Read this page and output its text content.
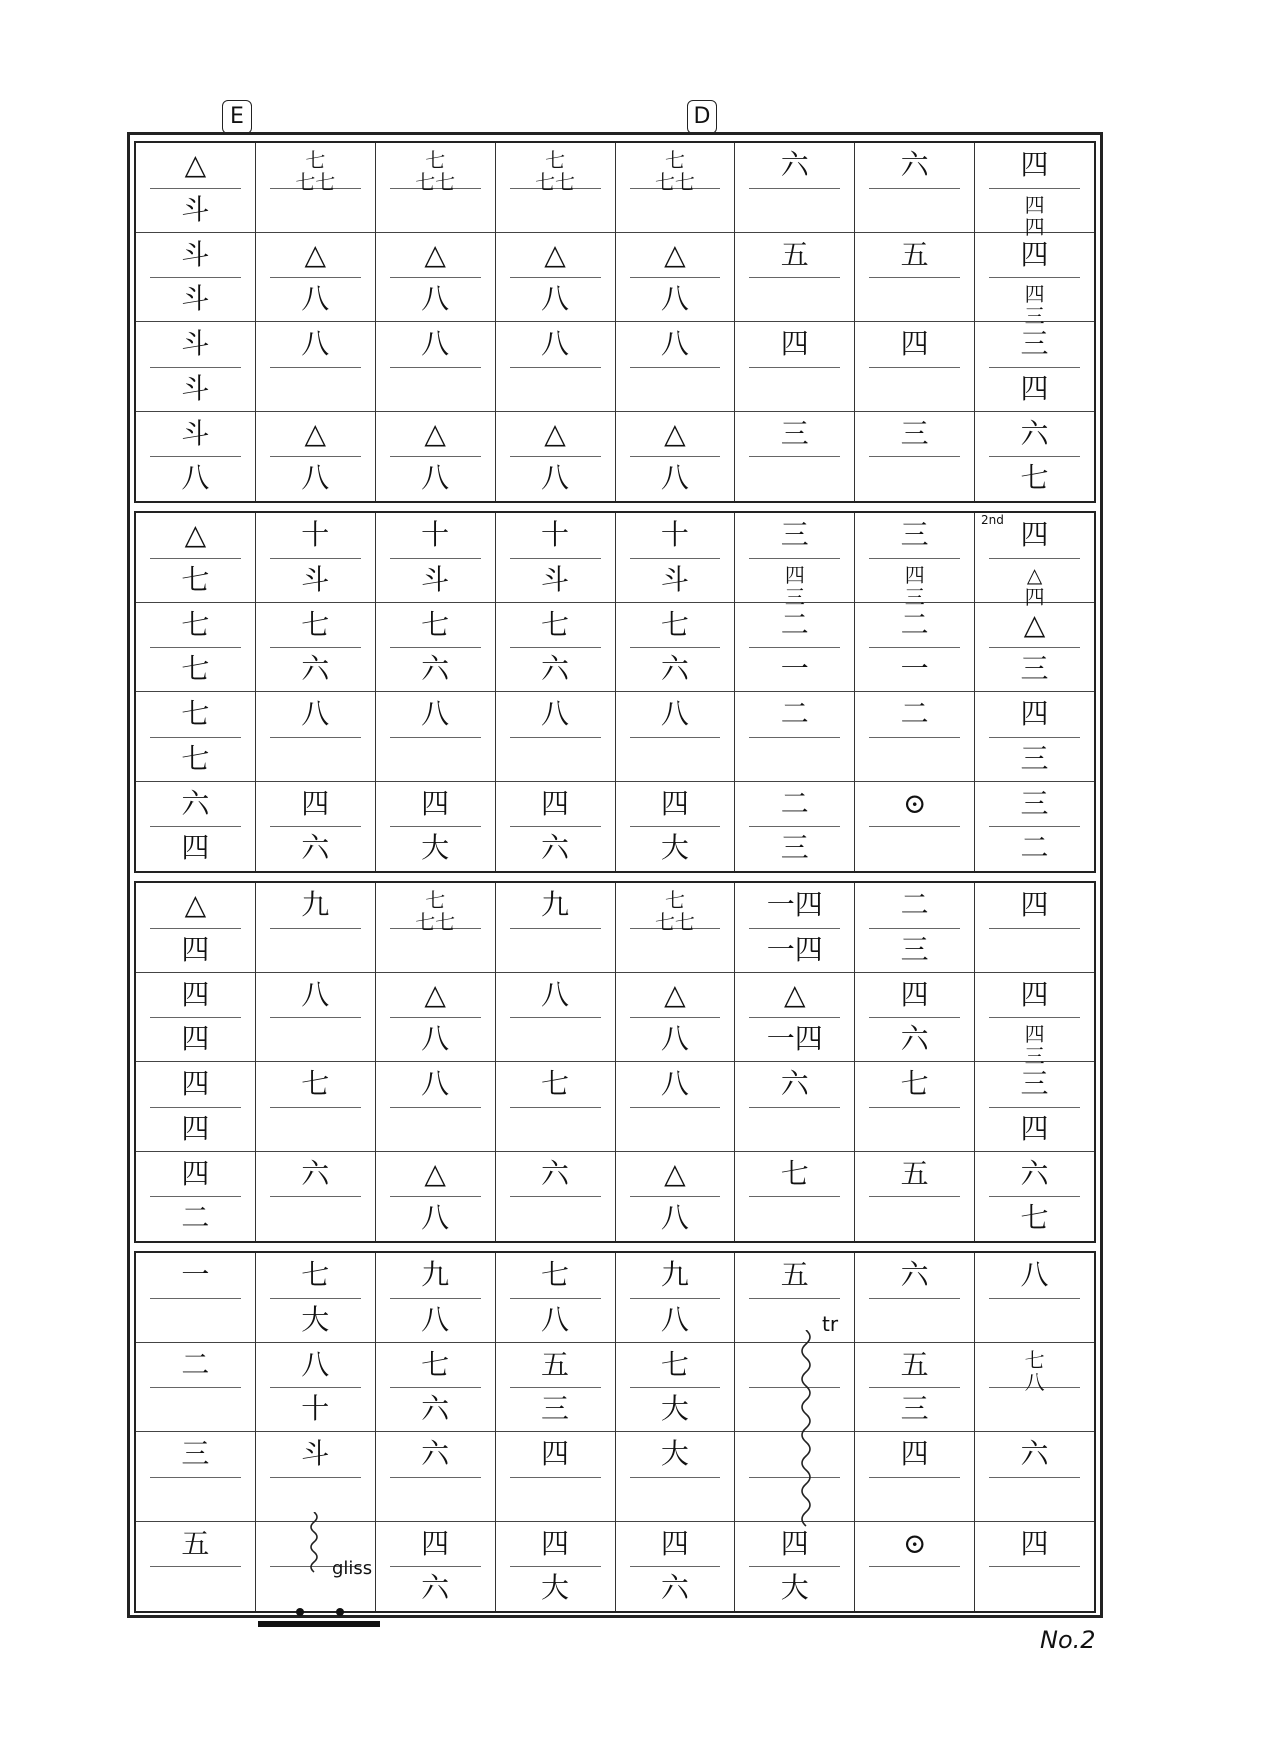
E	D
△
斗
斗
斗
斗
斗
斗
八
七
七七
△
八
八
△
八
七
七七
△
八
八
△
八
七
七七
△
八
八
△
八
七
七七
△
八
八
△
八
六
五
四
三
六
五
四
三
四
四
四
四
四
三
三
四
六
七
△
七
七
七
七
七
六
四
十
斗
七
六
八
四
六
十
斗
七
六
八
四
大
十
斗
七
六
八
四
六
十
斗
七
六
八
四
大
三
四
三
二
一
二
二
三
三
四
三
二
一
二
⊙
四
△
四
△
三
四
三
三
二
△
四
四
四
四
四
四
二
九
八
七
六
七
七七
△
八
八
△
八
九
八
七
六
七
七七
△
八
八
△
八
一四
一四
△
一四
六
七
二
三
四
六
七
五
四
四
四
三
三
四
六
七
一
二
三
五
七
大
八
十
斗
九
八
七
六
六
四
六
七
八
五
三
四
四
大
九
八
七
大
大
四
六
五
四
大
六
五
三
四
⊙
八
七
八
六
四
No.2
2nd
tr
gliss
